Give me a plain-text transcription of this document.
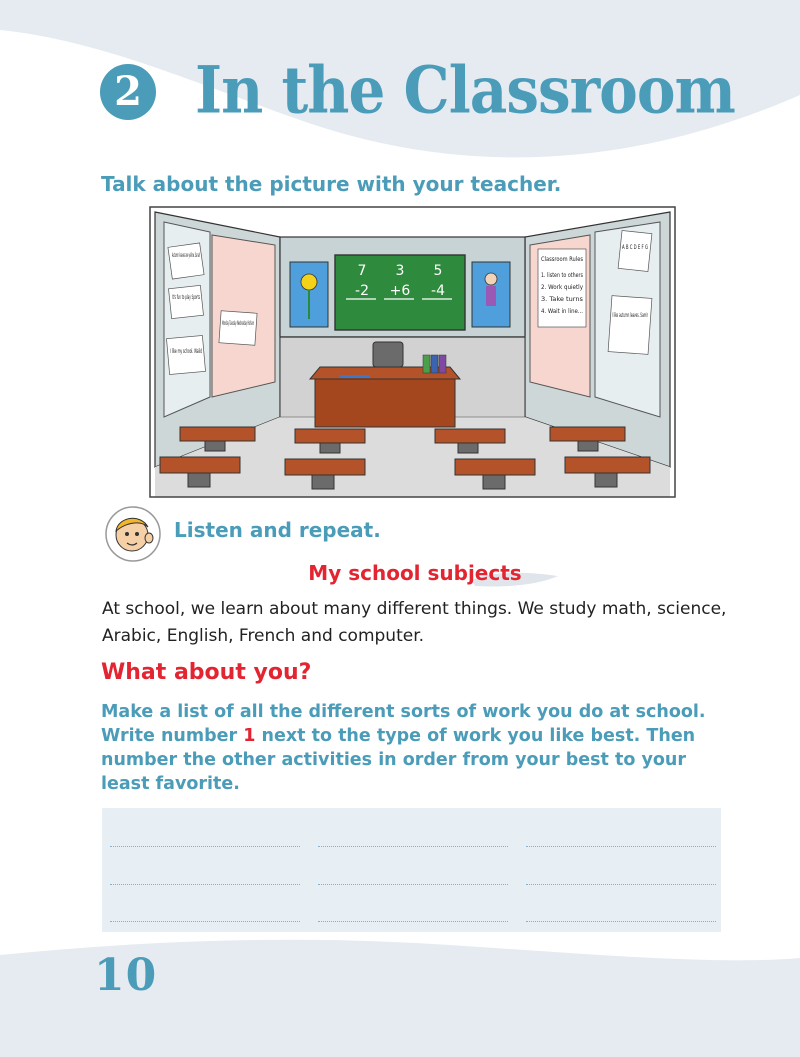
2 In the Classroom
Talk about the picture with your teacher.
7 3 5
-2 +6 -4
Autumn leaves are yellow. Sarah
It's fun to play Sports
Monday Tuesday Wednesday Hisham
I like my school. Walid
Classroom Rules
1. listen to others
2. Work quietly
3. Take turns
4. Wait in line...
A B C D E F G
I like autumn leaves. Samir
Listen and repeat.
My school subjects
At school, we learn about many different things. We study math, science, Arabic, English, French and computer.
What about you?
Make a list of all the different sorts of work you do at school. Write number 1 next to the type of work you like best. Then number the other activities in order from your best to your least favorite.
10
